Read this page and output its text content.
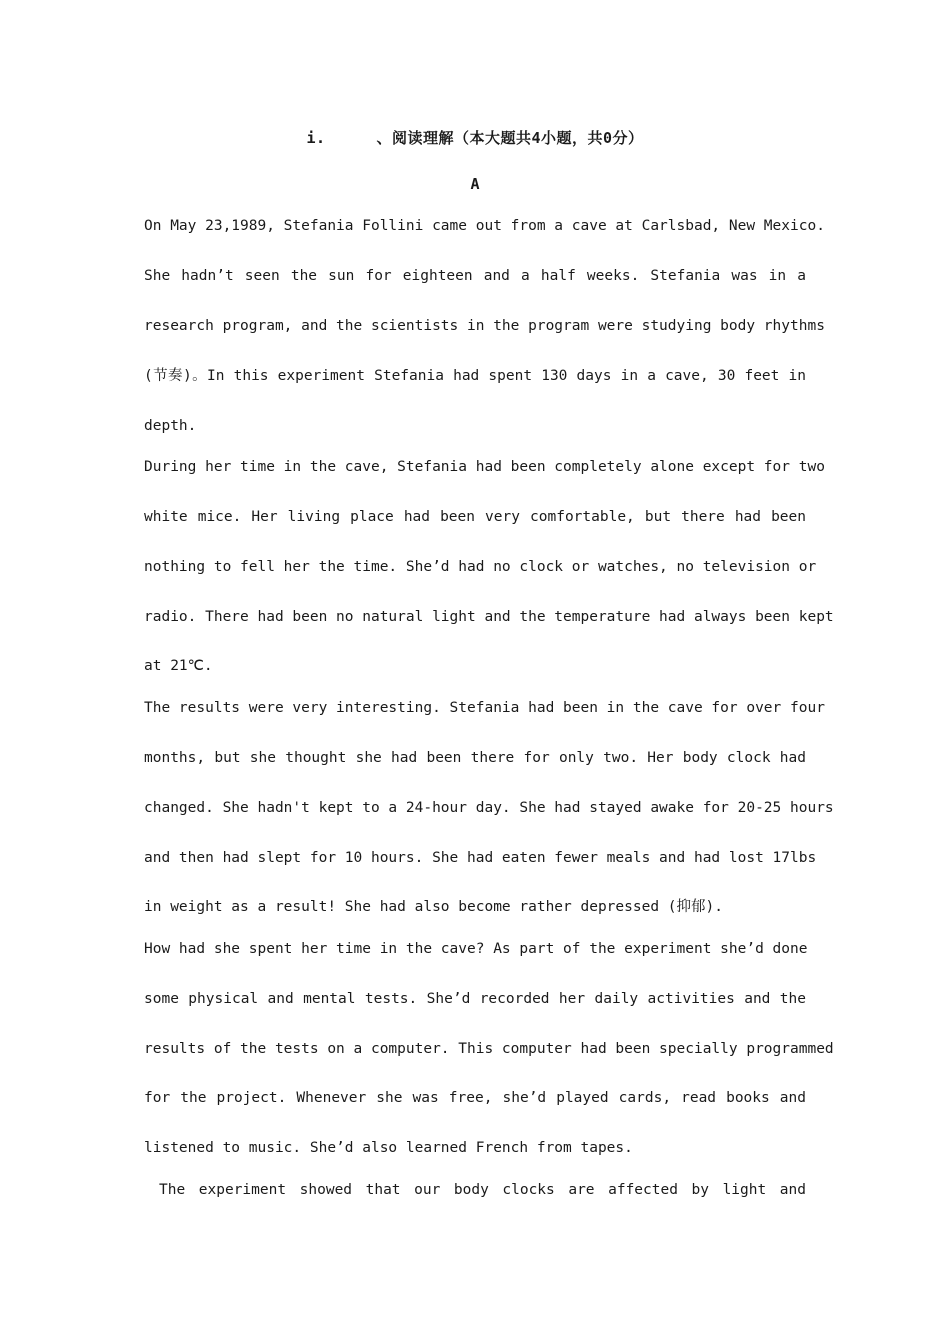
i.	、阅读理解（本大题共4小题，共0分）
A
On May 23,1989, Stefania Follini came out from a cave at Carlsbad, New Mexico.
She hadn’t seen the sun for eighteen and a half weeks. Stefania was in a
research program, and the scientists in the program were studying body rhythms
(节奏)。In this experiment Stefania had spent 130 days in a cave, 30 feet in
depth.
During her time in the cave, Stefania had been completely alone except for two
white mice. Her living place had been very comfortable, but there had been
nothing to fell her the time. She’d had no clock or watches, no television or
radio. There had been no natural light and the temperature had always been kept
at 21℃.
The results were very interesting. Stefania had been in the cave for over four
months, but she thought she had been there for only two. Her body clock had
changed. She hadn't kept to a 24-hour day. She had stayed awake for 20-25 hours
and then had slept for 10 hours. She had eaten fewer meals and had lost 17lbs
in weight as a result! She had also become rather depressed (抑郁).
How had she spent her time in the cave? As part of the experiment she’d done
some physical and mental tests. She’d recorded her daily activities and the
results of the tests on a computer. This computer had been specially programmed
for the project. Whenever she was free, she’d played cards, read books and
listened to music. She’d also learned French from tapes.
The experiment showed that our body clocks are affected by light and
